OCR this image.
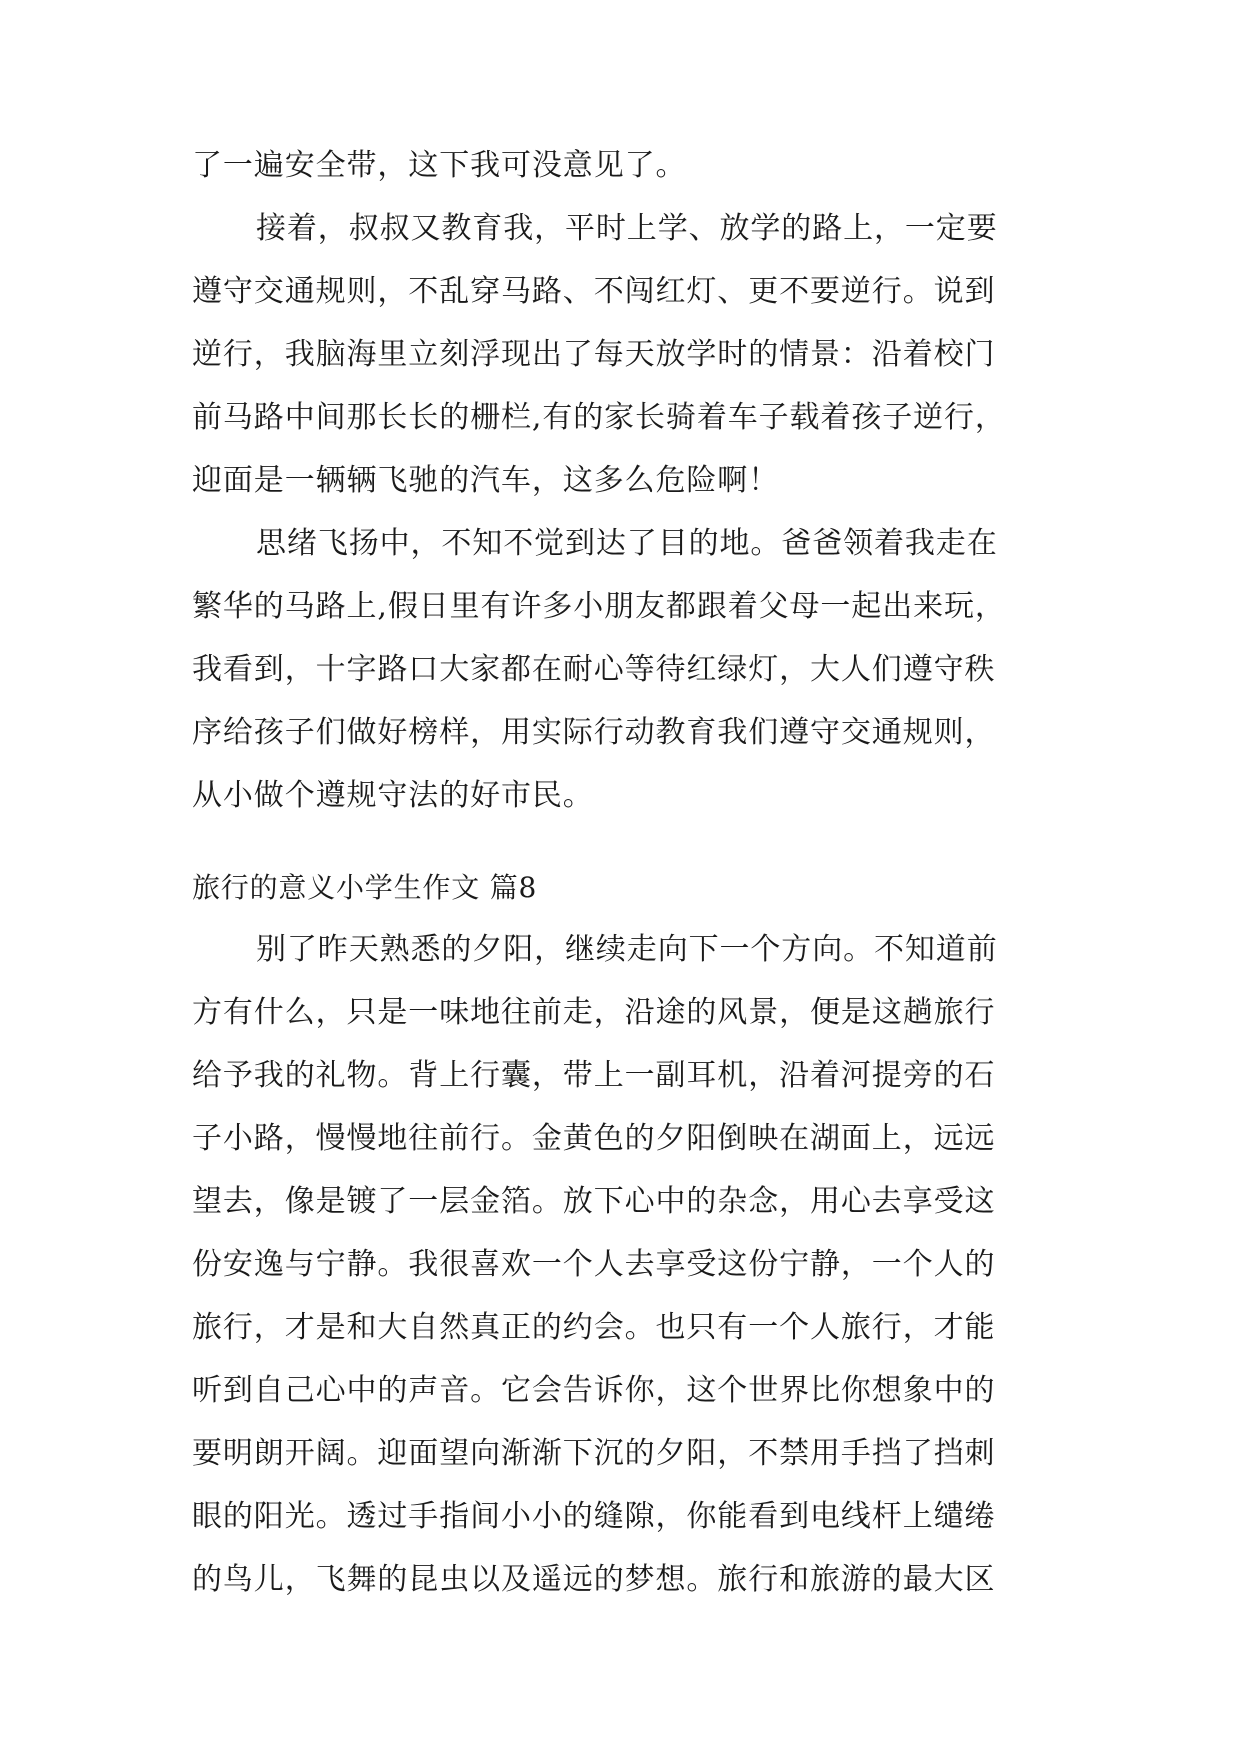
了一遍安全带，这下我可没意见了。
接着，叔叔又教育我，平时上学、放学的路上，一定要
遵守交通规则，不乱穿马路、不闯红灯、更不要逆行。说到
逆行，我脑海里立刻浮现出了每天放学时的情景：沿着校门
前马路中间那长长的栅栏,有的家长骑着车子载着孩子逆行，
迎面是一辆辆飞驰的汽车，这多么危险啊！
思绪飞扬中，不知不觉到达了目的地。爸爸领着我走在
繁华的马路上,假日里有许多小朋友都跟着父母一起出来玩，
我看到，十字路口大家都在耐心等待红绿灯，大人们遵守秩
序给孩子们做好榜样，用实际行动教育我们遵守交通规则，
从小做个遵规守法的好市民。
旅行的意义小学生作文 篇8
别了昨天熟悉的夕阳，继续走向下一个方向。不知道前
方有什么，只是一味地往前走，沿途的风景，便是这趟旅行
给予我的礼物。背上行囊，带上一副耳机，沿着河提旁的石
子小路，慢慢地往前行。金黄色的夕阳倒映在湖面上，远远
望去，像是镀了一层金箔。放下心中的杂念，用心去享受这
份安逸与宁静。我很喜欢一个人去享受这份宁静，一个人的
旅行，才是和大自然真正的约会。也只有一个人旅行，才能
听到自己心中的声音。它会告诉你，这个世界比你想象中的
要明朗开阔。迎面望向渐渐下沉的夕阳，不禁用手挡了挡刺
眼的阳光。透过手指间小小的缝隙，你能看到电线杆上缱绻
的鸟儿，飞舞的昆虫以及遥远的梦想。旅行和旅游的最大区
